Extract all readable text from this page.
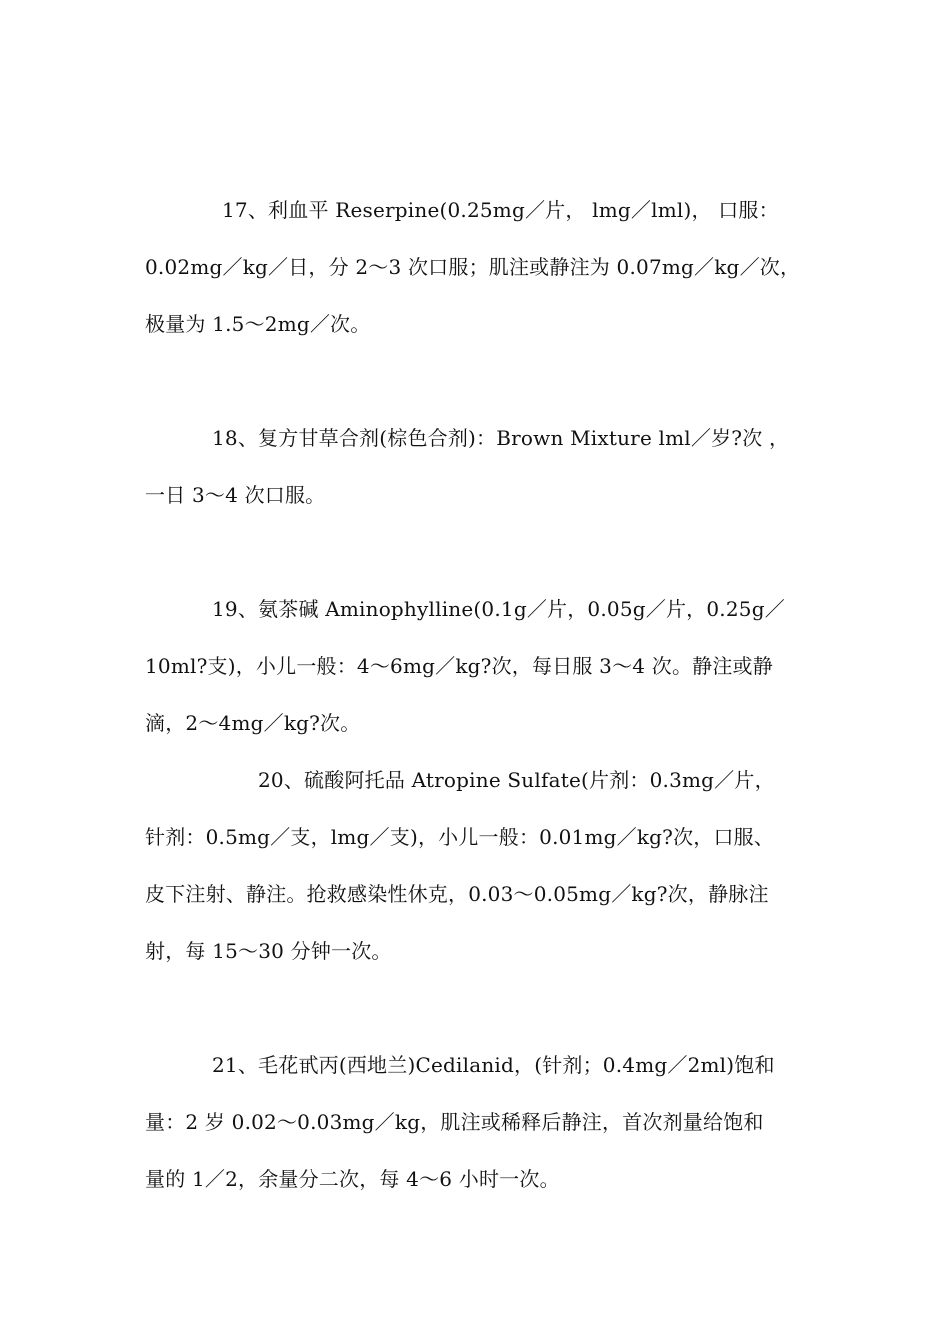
17、利血平 Reserpine(0.25mg／片， lmg／lml)， 口服：
0.02mg／kg／日，分 2～3 次口服；肌注或静注为 0.07mg／kg／次，
极量为 1.5～2mg／次。
18、复方甘草合剂(棕色合剂)：Brown Mixture lml／岁?次 ，
一日 3～4 次口服。
19、氨茶碱 Aminophylline(0.1g／片，0.05g／片，0.25g／
10ml?支)，小儿一般：4～6mg／kg?次，每日服 3～4 次。静注或静
滴，2～4mg／kg?次。
20、硫酸阿托品 Atropine Sulfate(片剂：0.3mg／片，
针剂：0.5mg／支，lmg／支)，小儿一般：0.01mg／kg?次，口服、
皮下注射、静注。抢救感染性休克，0.03～0.05mg／kg?次，静脉注
射，每 15～30 分钟一次。
21、毛花甙丙(西地兰)Cedilanid，(针剂；0.4mg／2ml)饱和
量：2 岁 0.02～0.03mg／kg，肌注或稀释后静注，首次剂量给饱和
量的 1／2，余量分二次，每 4～6 小时一次。
